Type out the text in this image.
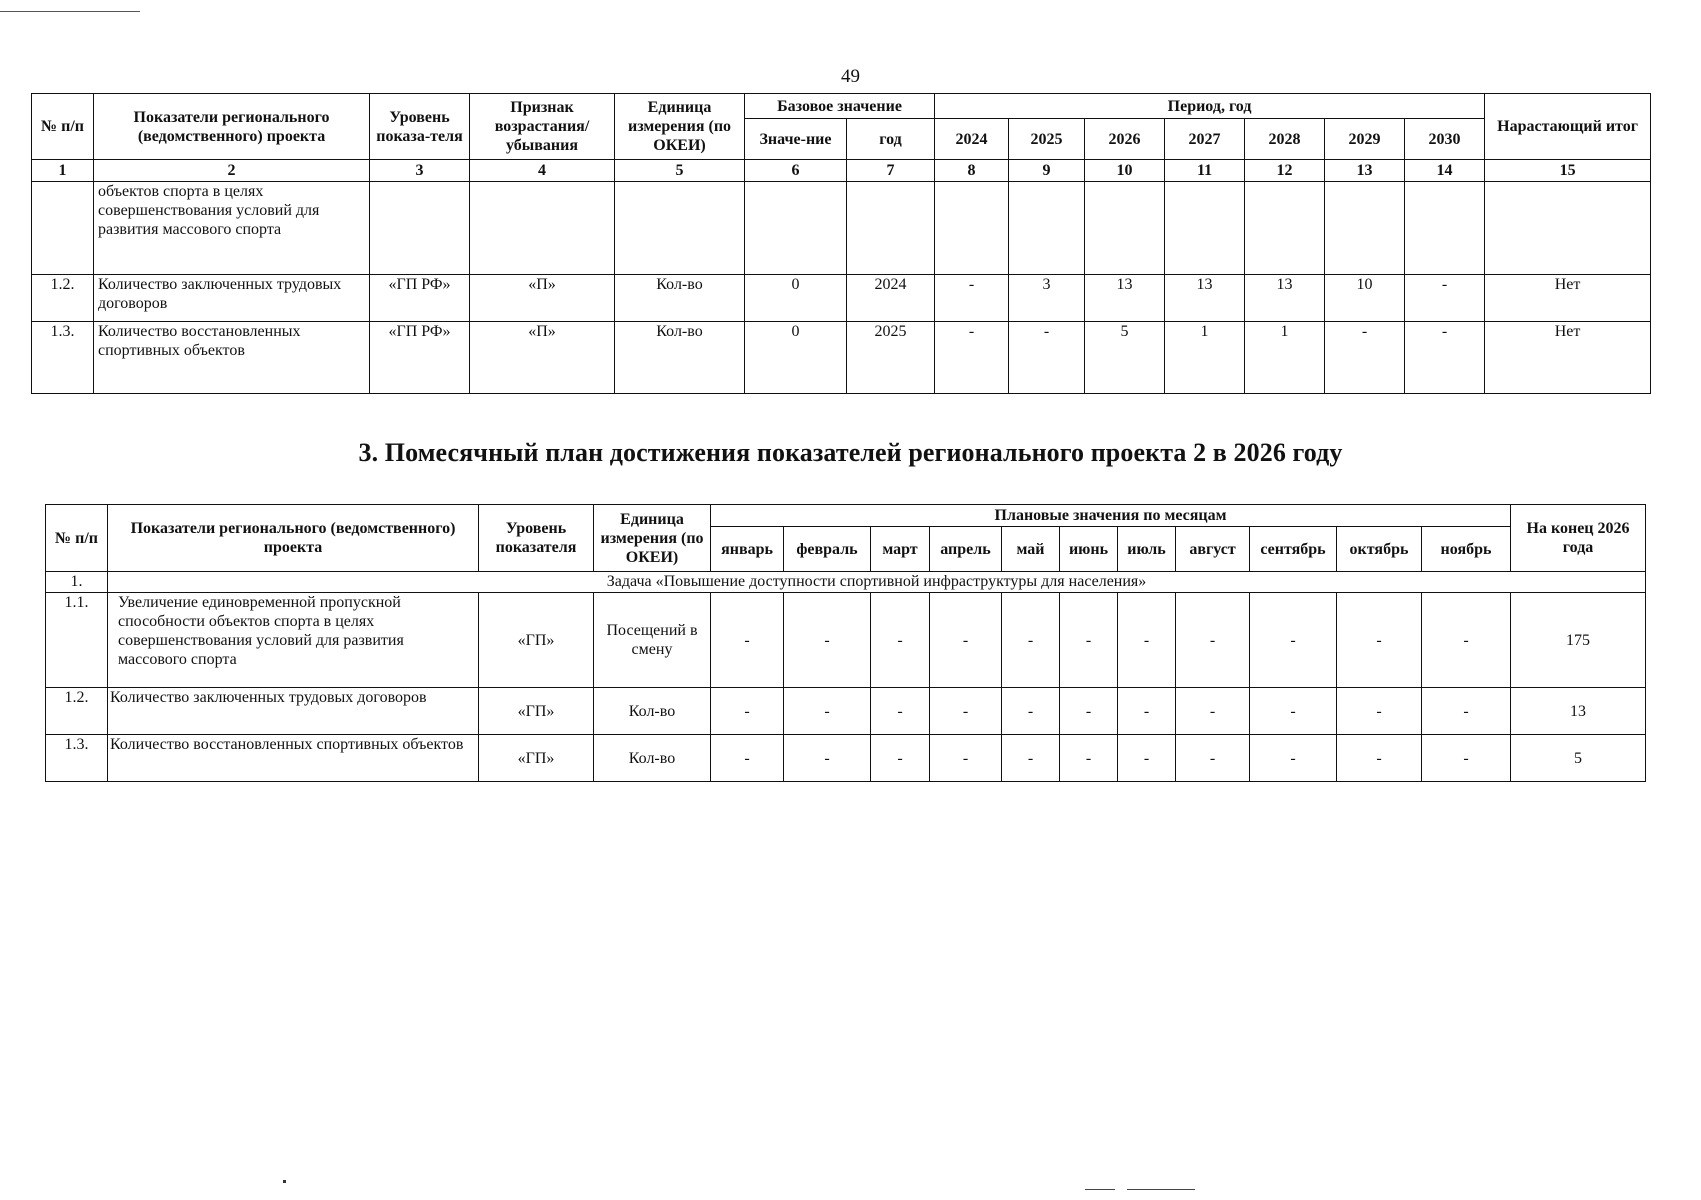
49
№ п/п	Показатели регионального (ведомственного) проекта	Уровень показа-теля	Признак возрастания/ убывания	Единица измерения (по ОКЕИ)	Базовое значение		Период, год							Нарастающий итог
					Значе-ние	год	2024	2025	2026	2027	2028	2029	2030	
1	2	3	4	5	6	7	8	9	10	11	12	13	14	15
	объектов спорта в целях совершенствования условий для развития массового спорта													
1.2.	Количество заключенных трудовых договоров	«ГП РФ»	«П»	Кол-во	0	2024	-	3	13	13	13	10	-	Нет
1.3.	Количество восстановленных спортивных объектов	«ГП РФ»	«П»	Кол-во	0	2025	-	-	5	1	1	-	-	Нет
3. Помесячный план достижения показателей регионального проекта 2 в 2026 году
№ п/п	Показатели регионального (ведомственного) проекта	Уровень показателя	Единица измерения (по ОКЕИ)	Плановые значения по месяцам											На конец 2026 года
				январь	февраль	март	апрель	май	июнь	июль	август	сентябрь	октябрь	ноябрь	
1.	Задача «Повышение доступности спортивной инфраструктуры для населения»														
1.1.	Увеличение единовременной пропускной способности объектов спорта в целях совершенствования условий для развития массового спорта	«ГП»	Посещений в смену	-	-	-	-	-	-	-	-	-	-	-	175
1.2.	Количество заключенных трудовых договоров	«ГП»	Кол-во	-	-	-	-	-	-	-	-	-	-	-	13
1.3.	Количество восстановленных спортивных объектов	«ГП»	Кол-во	-	-	-	-	-	-	-	-	-	-	-	5
